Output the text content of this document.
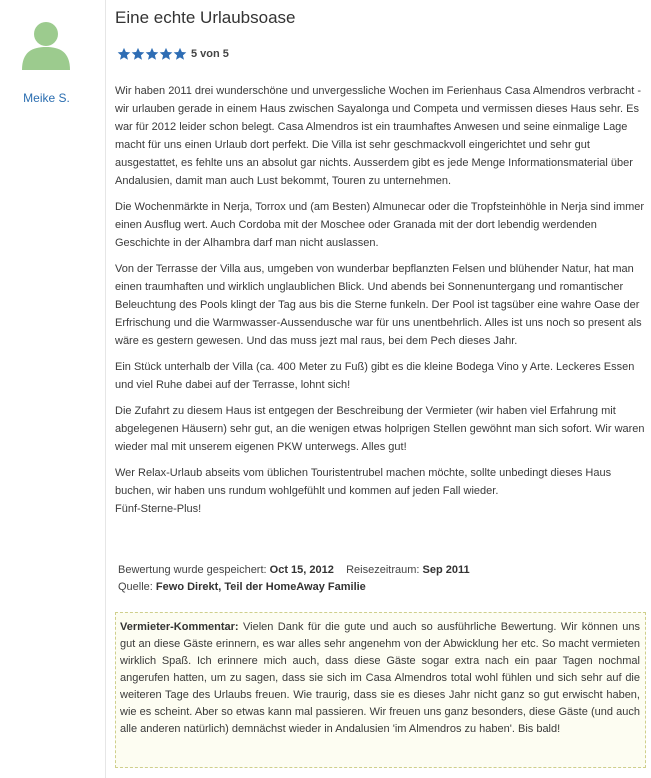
Meike S.
Eine echte Urlaubsoase
5 von 5

Wir haben 2011 drei wunderschöne und unvergessliche Wochen im Ferienhaus Casa Almendros verbracht - wir urlauben gerade in einem Haus zwischen Sayalonga und Competa und vermissen dieses Haus sehr. Es war für 2012 leider schon belegt. Casa Almendros ist ein traumhaftes Anwesen und seine einmalige Lage macht für uns einen Urlaub dort perfekt. Die Villa ist sehr geschmackvoll eingerichtet und sehr gut ausgestattet, es fehlte uns an absolut gar nichts. Ausserdem gibt es jede Menge Informationsmaterial über Andalusien, damit man auch Lust bekommt, Touren zu unternehmen.

Die Wochenmärkte in Nerja, Torrox und (am Besten) Almunecar oder die Tropfsteinhöhle in Nerja sind immer einen Ausflug wert. Auch Cordoba mit der Moschee oder Granada mit der dort lebendig werdenden Geschichte in der Alhambra darf man nicht auslassen.

Von der Terrasse der Villa aus, umgeben von wunderbar bepflanzten Felsen und blühender Natur, hat man einen traumhaften und wirklich unglaublichen Blick. Und abends bei Sonnenuntergang und romantischer Beleuchtung des Pools klingt der Tag aus bis die Sterne funkeln. Der Pool ist tagsüber eine wahre Oase der Erfrischung und die Warmwasser-Aussendusche war für uns unentbehrlich. Alles ist uns noch so present als wäre es gestern gewesen. Und das muss jezt mal raus, bei dem Pech dieses Jahr.

Ein Stück unterhalb der Villa (ca. 400 Meter zu Fuß) gibt es die kleine Bodega Vino y Arte. Leckeres Essen und viel Ruhe dabei auf der Terrasse, lohnt sich!

Die Zufahrt zu diesem Haus ist entgegen der Beschreibung der Vermieter (wir haben viel Erfahrung mit abgelegenen Häusern) sehr gut, an die wenigen etwas holprigen Stellen gewöhnt man sich sofort. Wir waren wieder mal mit unserem eigenen PKW unterwegs. Alles gut!

Wer Relax-Urlaub abseits vom üblichen Touristentrubel machen möchte, sollte unbedingt dieses Haus buchen, wir haben uns rundum wohlgefühlt und kommen auf jeden Fall wieder.
Fünf-Sterne-Plus!

Bewertung wurde gespeichert: Oct 15, 2012 Reisezeitraum: Sep 2011
Quelle: Fewo Direkt, Teil der HomeAway Familie

Vermieter-Kommentar: Vielen Dank für die gute und auch so ausführliche Bewertung. Wir können uns gut an diese Gäste erinnern, es war alles sehr angenehm von der Abwicklung her etc. So macht vermieten wirklich Spaß. Ich erinnere mich auch, dass diese Gäste sogar extra nach ein paar Tagen nochmal angerufen hatten, um zu sagen, dass sie sich im Casa Almendros total wohl fühlen und sich sehr auf die weiteren Tage des Urlaubs freuen. Wie traurig, dass sie es dieses Jahr nicht ganz so gut erwischt haben, wie es scheint. Aber so etwas kann mal passieren. Wir freuen uns ganz besonders, diese Gäste (und auch alle anderen natürlich) demnächst wieder in Andalusien 'im Almendros zu haben'. Bis bald!
